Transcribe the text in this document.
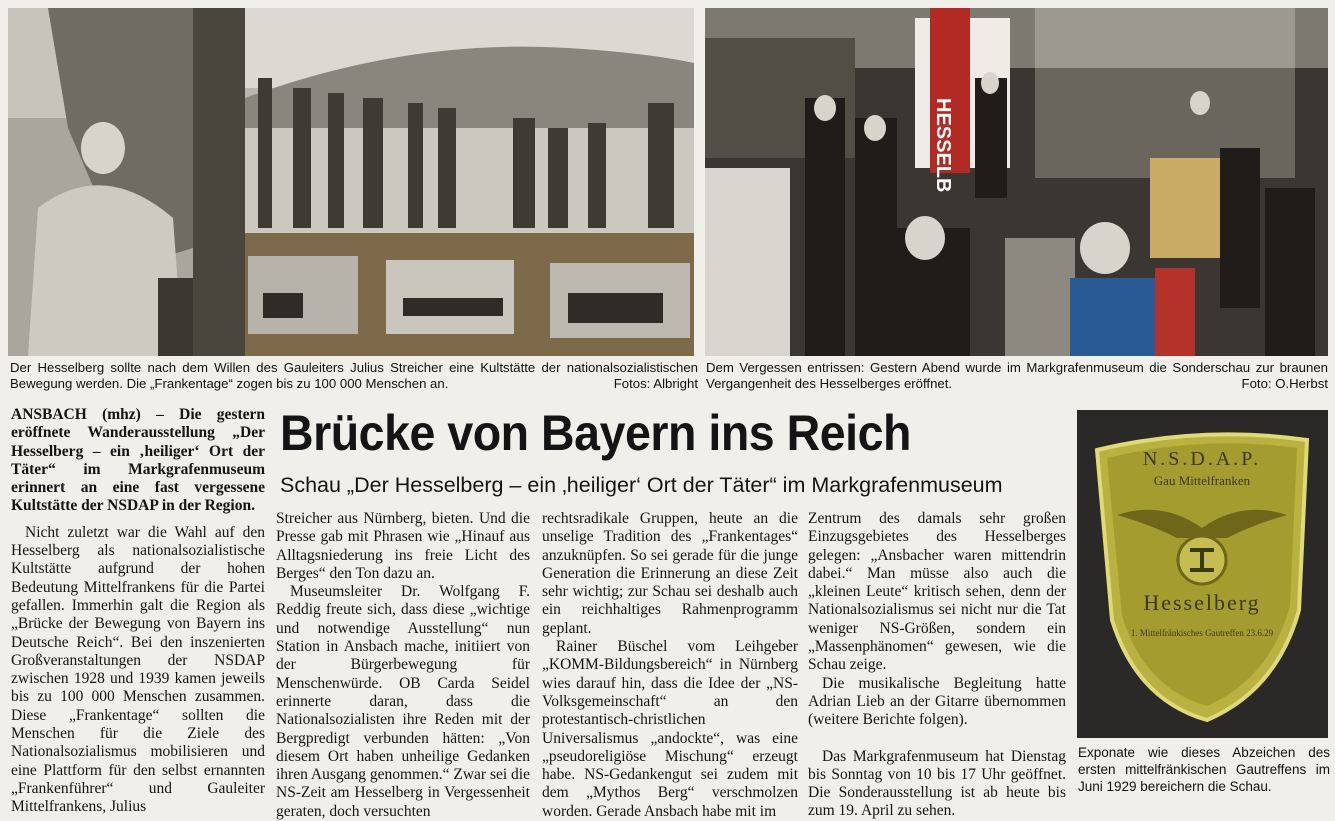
HESSELB
Der Hesselberg sollte nach dem Willen des Gauleiters Julius Streicher eine Kultstätte der nationalsozialistischen Bewegung werden. Die „Frankentage“ zogen bis zu 100 000 Menschen an.	Fotos: Albright
Dem Vergessen entrissen: Gestern Abend wurde im Markgrafenmuseum die Sonderschau zur braunen Vergangenheit des Hesselberges eröffnet.	Foto: O.Herbst
Brücke von Bayern ins Reich
Schau „Der Hesselberg – ein ‚heiliger‘ Ort der Täter“ im Markgrafenmuseum

ANSBACH (mhz) – Die gestern eröffnete Wanderausstellung „Der Hesselberg – ein ‚heiliger‘ Ort der Täter“ im Markgrafenmuseum erinnert an eine fast vergessene Kultstätte der NSDAP in der Region.

Nicht zuletzt war die Wahl auf den Hesselberg als nationalsozialistische Kultstätte aufgrund der hohen Bedeutung Mittelfrankens für die Partei gefallen. Immerhin galt die Region als „Brücke der Bewegung von Bayern ins Deutsche Reich“. Bei den inszenierten Großveranstaltungen der NSDAP zwischen 1928 und 1939 kamen jeweils bis zu 100 000 Menschen zusammen. Diese „Frankentage“ sollten die Menschen für die Ziele des Nationalsozialismus mobilisieren und eine Plattform für den selbst ernannten „Frankenführer“ und Gauleiter Mittelfrankens, Julius

Streicher aus Nürnberg, bieten. Und die Presse gab mit Phrasen wie „Hinauf aus Alltagsniederung ins freie Licht des Berges“ den Ton dazu an.

Museumsleiter Dr. Wolfgang F. Reddig freute sich, dass diese „wichtige und notwendige Ausstellung“ nun Station in Ansbach mache, initiiert von der Bürgerbewegung für Menschenwürde. OB Carda Seidel erinnerte daran, dass die Nationalsozialisten ihre Reden mit der Bergpredigt verbunden hätten: „Von diesem Ort haben unheilige Gedanken ihren Ausgang genommen.“ Zwar sei die NS-Zeit am Hesselberg in Vergessenheit geraten, doch versuchten

rechtsradikale Gruppen, heute an die unselige Tradition des „Frankentages“ anzuknüpfen. So sei gerade für die junge Generation die Erinnerung an diese Zeit sehr wichtig; zur Schau sei deshalb auch ein reichhaltiges Rahmenprogramm geplant.

Rainer Büschel vom Leihgeber „KOMM-Bildungsbereich“ in Nürnberg wies darauf hin, dass die Idee der „NS-Volksgemeinschaft“ an den protestantisch-christlichen Universalismus „andockte“, was eine „pseudoreligiöse Mischung“ erzeugt habe. NS-Gedankengut sei zudem mit dem „Mythos Berg“ verschmolzen worden. Gerade Ansbach habe mit im

Zentrum des damals sehr großen Einzugsgebietes des Hesselberges gelegen: „Ansbacher waren mittendrin dabei.“ Man müsse also auch die „kleinen Leute“ kritisch sehen, denn der Nationalsozialismus sei nicht nur die Tat weniger NS-Größen, sondern ein „Massenphänomen“ gewesen, wie die Schau zeige.

Die musikalische Begleitung hatte Adrian Lieb an der Gitarre übernommen (weitere Berichte folgen).

Das Markgrafenmuseum hat Dienstag bis Sonntag von 10 bis 17 Uhr geöffnet. Die Sonderausstellung ist ab heute bis zum 19. April zu sehen.

N.S.D.A.P.
Gau Mittelfranken
Hesselberg
1. Mittelfränkisches Gautreffen 23.6.29
Exponate wie dieses Abzeichen des ersten mittelfränkischen Gautreffens im Juni 1929 bereichern die Schau.
